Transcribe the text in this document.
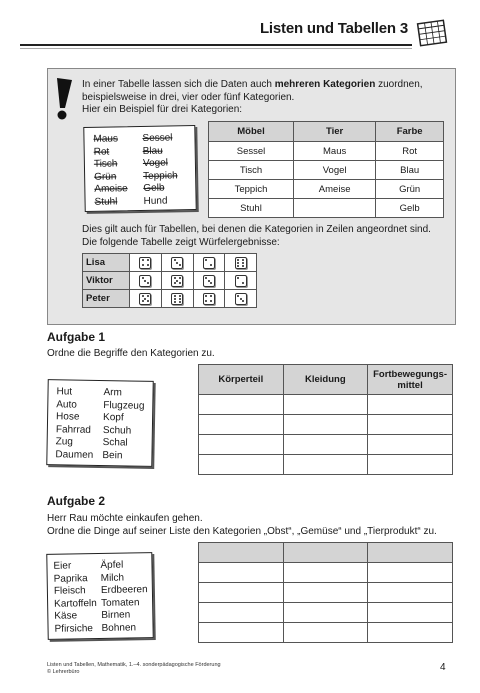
Listen und Tabellen 3
In einer Tabelle lassen sich die Daten auch mehreren Kategorien zuordnen,
beispielsweise in drei, vier oder fünf Kategorien.
Hier ein Beispiel für drei Kategorien:
Maus	Sessel
Rot	Blau
Tisch	Vogel
Grün	Teppich
Ameise	Gelb
Stuhl	Hund
Möbel	Tier	Farbe
Sessel	Maus	Rot
Tisch	Vogel	Blau
Teppich	Ameise	Grün
Stuhl		Gelb
Dies gilt auch für Tabellen, bei denen die Kategorien in Zeilen angeordnet sind.
Die folgende Tabelle zeigt Würfelergebnisse:
Lisa	

Viktor	

Peter	

Aufgabe 1
Ordne die Begriffe den Kategorien zu.
Hut	Arm
Auto	Flugzeug
Hose	Kopf
Fahrrad	Schuh
Zug	Schal
Daumen Bein
Körperteil	Kleidung	Fortbewegungs-
mittel

Aufgabe 2
Herr Rau möchte einkaufen gehen.
Ordne die Dinge auf seiner Liste den Kategorien „Obst“, „Gemüse“ und „Tierprodukt“ zu.
Eier	Äpfel
Paprika	Milch
Fleisch	Erdbeeren
Kartoffeln Tomaten
Käse	Birnen
Pfirsiche Bohnen

Listen und Tabellen, Mathematik, 1.–4. sonderpädagogische Förderung
© Lehrerbüro	4
